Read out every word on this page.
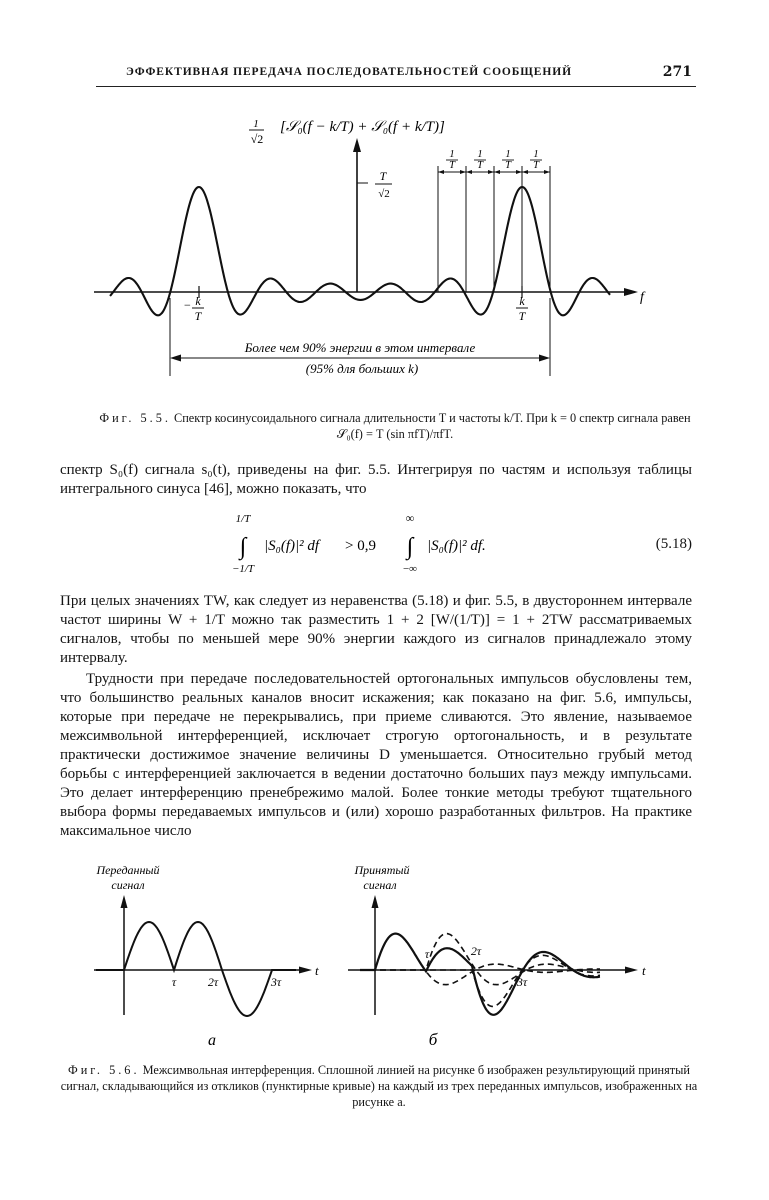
ЭФФЕКТИВНАЯ ПЕРЕДАЧА ПОСЛЕДОВАТЕЛЬНОСТЕЙ СООБЩЕНИЙ	271
1
√2
[𝒮₀(f − k/T) + 𝒮₀(f + k/T)]
T
√2
f
− k
T
k
T
1
T
1
T
1
T
1
T
Более чем 90% энергии в этом интервале
(95% для больших k)
Фиг. 5.5. Спектр косинусоидального сигнала длительности T и частоты k/T. При k = 0 спектр сигнала равен 𝒮₀(f) = T (sin πfT)/πfT.

спектр S₀(f) сигнала s₀(t), приведены на фиг. 5.5. Интегрируя по частям и используя таблицы интегрального синуса [46], можно показать, что

1/T
∫
−1/T
|S₀(f)|² df > 0,9
∞
∫
−∞
|S₀(f)|² df.	(5.18)

При целых значениях TW, как следует из неравенства (5.18) и фиг. 5.5, в двустороннем интервале частот ширины W + 1/T можно так разместить 1 + 2 [W/(1/T)] = 1 + 2TW рассматриваемых сигналов, чтобы по меньшей мере 90% энергии каждого из сигналов принадлежало этому интервалу.

Трудности при передаче последовательностей ортогональных импульсов обусловлены тем, что большинство реальных каналов вносит искажения; как показано на фиг. 5.6, импульсы, которые при передаче не перекрывались, при приеме сливаются. Это явление, называемое межсимвольной интерференцией, исключает строгую ортогональность, и в результате практически достижимое значение величины D уменьшается. Относительно грубый метод борьбы с интерференцией заключается в ведении достаточно больших пауз между импульсами. Это делает интерференцию пренебрежимо малой. Более тонкие методы требуют тщательного выбора формы передаваемых импульсов и (или) хорошо разработанных фильтров. На практике максимальное число

Переданный
сигнал
t
τ	2τ	3τ
а
Принятый
сигнал
t
τ	2τ
3τ
б
Фиг. 5.6. Межсимвольная интерференция. Сплошной линией на рисунке б изображен результирующий принятый сигнал, складывающийся из откликов (пунктирные кривые) на каждый из трех переданных импульсов, изображенных на рисунке а.
